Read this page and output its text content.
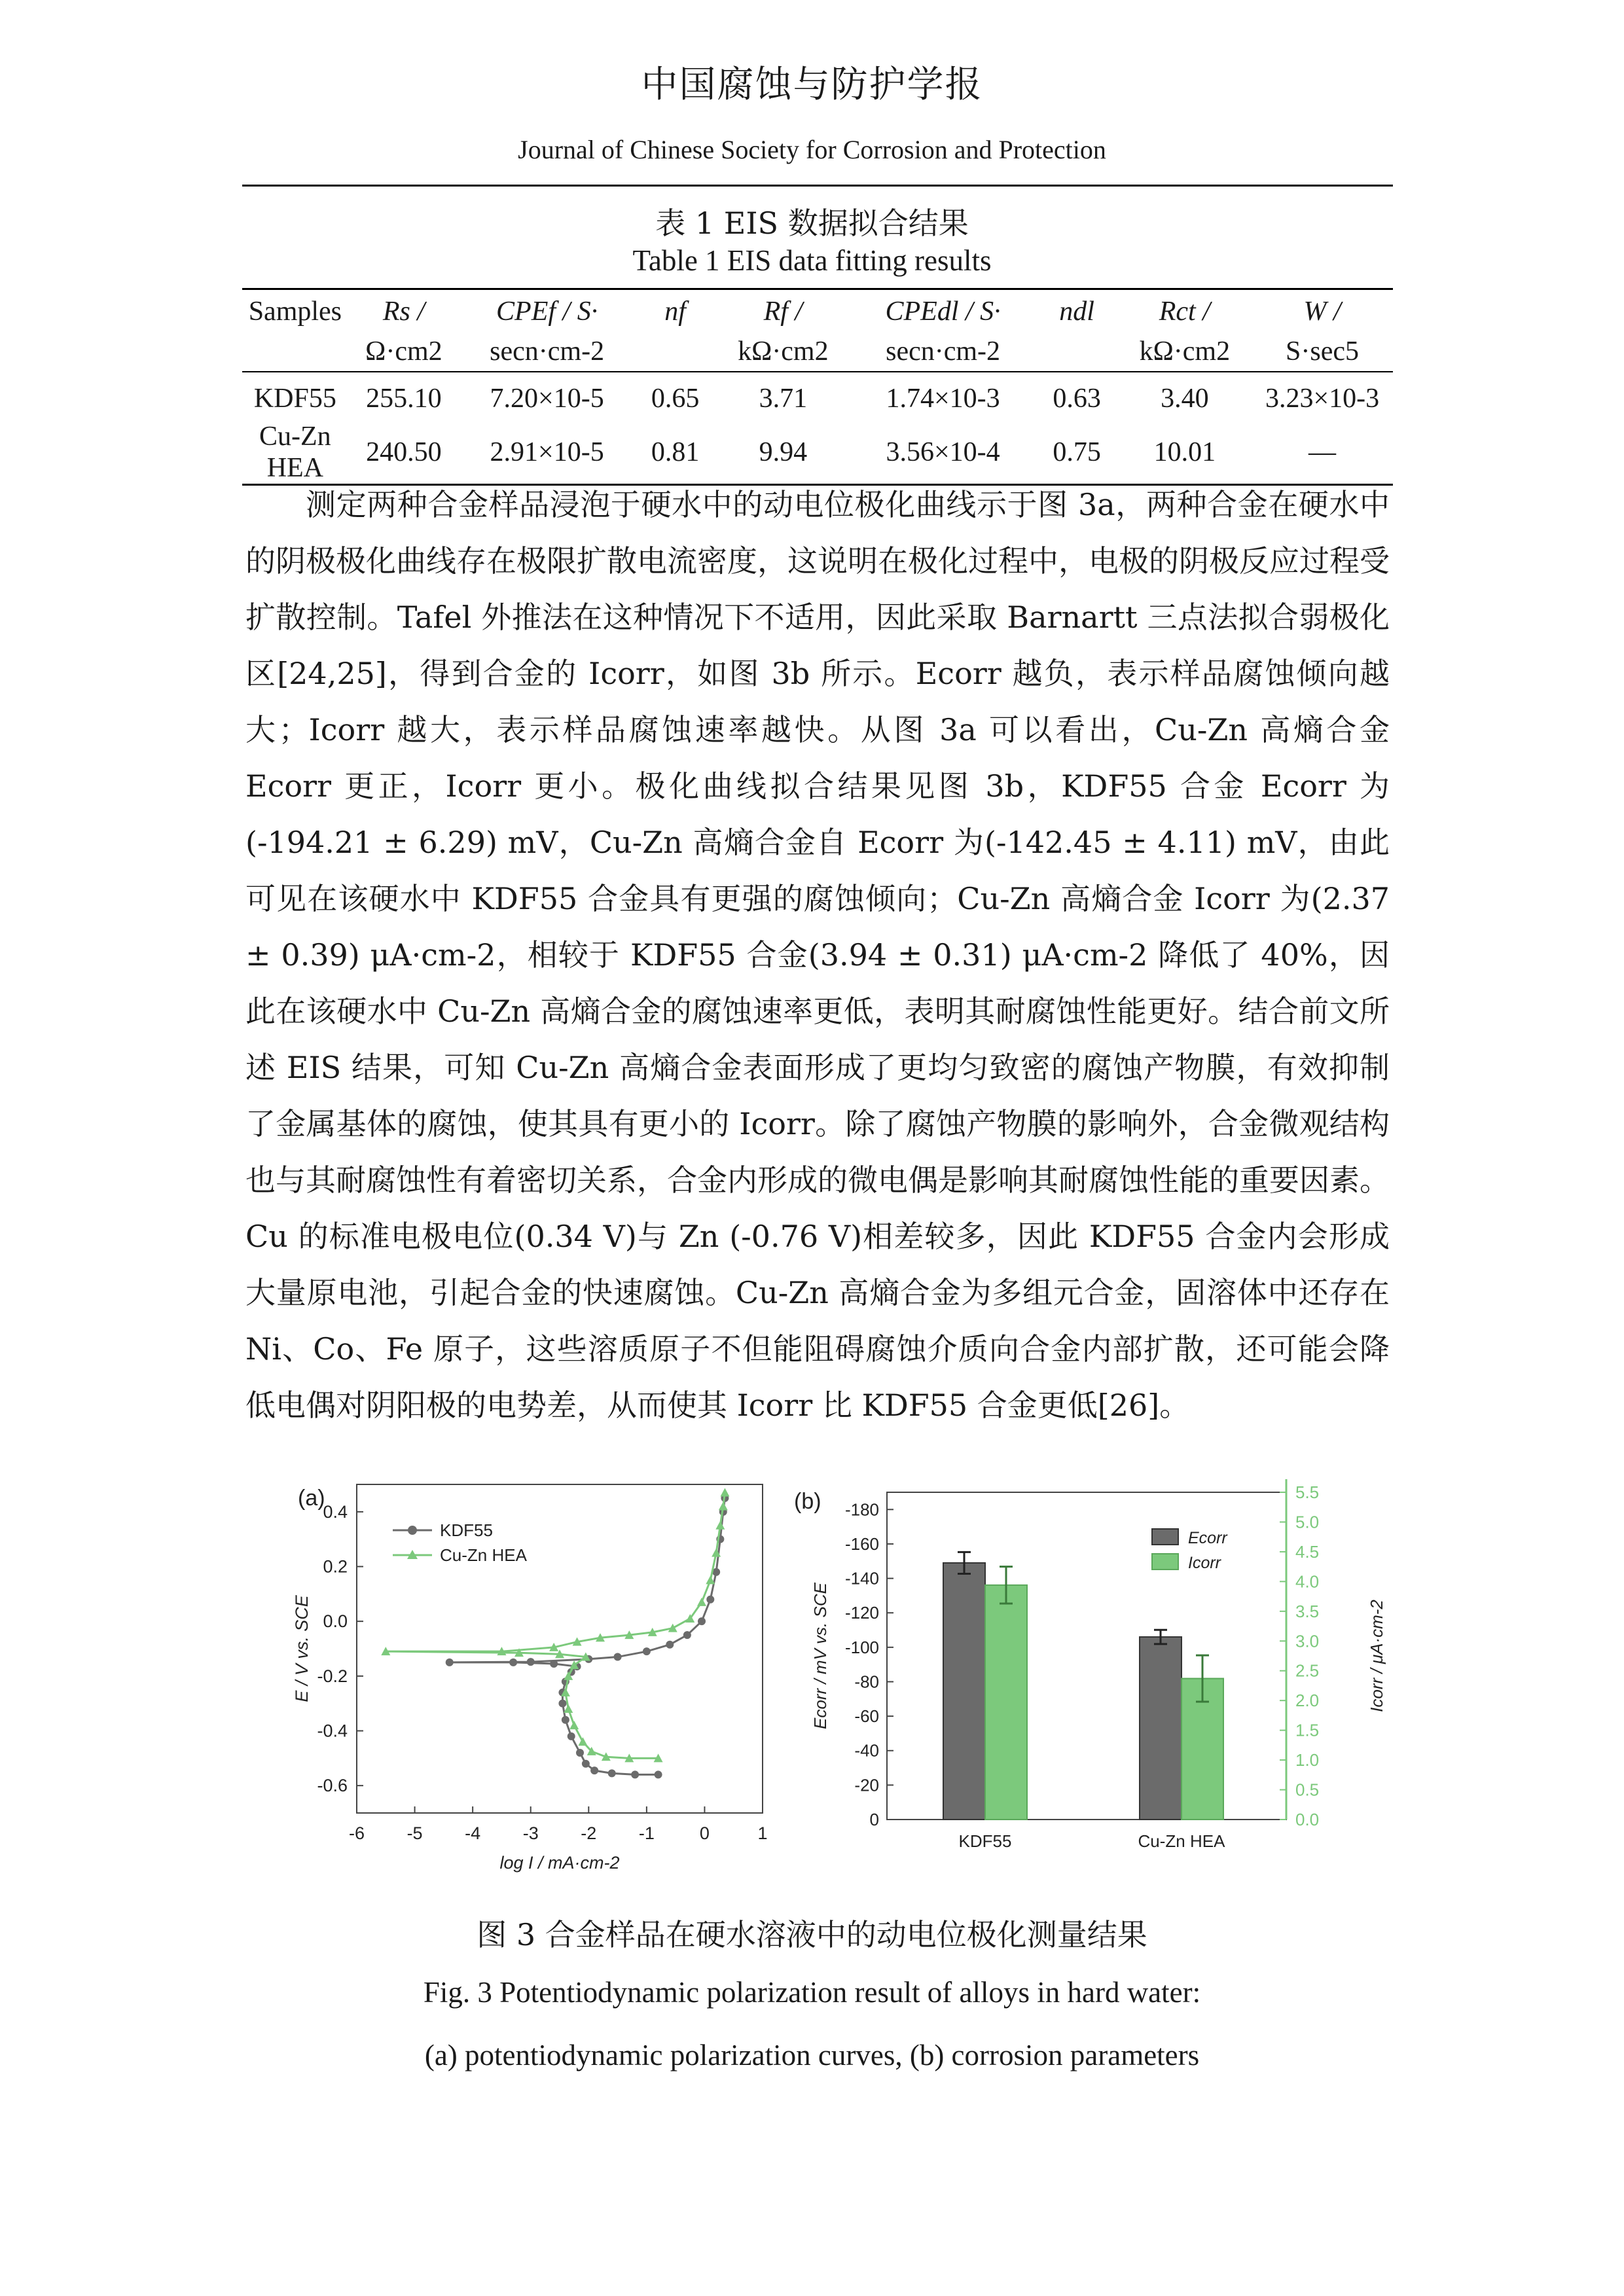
中国腐蚀与防护学报
Journal of Chinese Society for Corrosion and Protection
表 1 EIS 数据拟合结果
Table 1 EIS data fitting results
Samples	Rs /	CPEf / S·	nf	Rf /	CPEdl / S·	ndl	Rct /	W /
	Ω·cm2	secn·cm-2		kΩ·cm2	secn·cm-2		kΩ·cm2	S·sec5
KDF55	255.10	7.20×10-5	0.65	3.71	1.74×10-3	0.63	3.40	3.23×10-3
Cu-Zn HEA	240.50	2.91×10-5	0.81	9.94	3.56×10-4	0.75	10.01	—
测定两种合金样品浸泡于硬水中的动电位极化曲线示于图 3a，两种合金在硬水中的阴极极化曲线存在极限扩散电流密度，这说明在极化过程中，电极的阴极反应过程受扩散控制。Tafel 外推法在这种情况下不适用，因此采取 Barnartt 三点法拟合弱极化区[24,25]，得到合金的 Icorr，如图 3b 所示。Ecorr 越负，表示样品腐蚀倾向越大；Icorr 越大，表示样品腐蚀速率越快。从图 3a 可以看出，Cu-Zn 高熵合金 Ecorr 更正，Icorr 更小。极化曲线拟合结果见图 3b，KDF55 合金 Ecorr 为(-194.21 ± 6.29) mV，Cu-Zn 高熵合金自 Ecorr 为(-142.45 ± 4.11) mV，由此可见在该硬水中 KDF55 合金具有更强的腐蚀倾向；Cu-Zn 高熵合金 Icorr 为(2.37 ± 0.39) μA·cm-2，相较于 KDF55 合金(3.94 ± 0.31) μA·cm-2 降低了 40%，因此在该硬水中 Cu-Zn 高熵合金的腐蚀速率更低，表明其耐腐蚀性能更好。结合前文所述 EIS 结果，可知 Cu-Zn 高熵合金表面形成了更均匀致密的腐蚀产物膜，有效抑制了金属基体的腐蚀，使其具有更小的 Icorr。除了腐蚀产物膜的影响外，合金微观结构也与其耐腐蚀性有着密切关系，合金内形成的微电偶是影响其耐腐蚀性能的重要因素。Cu 的标准电极电位(0.34 V)与 Zn (-0.76 V)相差较多，因此 KDF55 合金内会形成大量原电池，引起合金的快速腐蚀。Cu-Zn 高熵合金为多组元合金，固溶体中还存在 Ni、Co、Fe 原子，这些溶质原子不但能阻碍腐蚀介质向合金内部扩散，还可能会降低电偶对阴阳极的电势差，从而使其 Icorr 比 KDF55 合金更低[26]。
-6 -5 -4 -3 -2 -1	0	1
-0.6
-0.4
-0.2
0.0
0.2
0.4
(a)
log I / mA·cm-2
E / V vs. SCE
KDF55
Cu-Zn HEA
-180
-160
-140
-120
-100
-80
-60
-40
-20
0
5.5
5.0
4.5
4.0
3.5
3.0
2.5
2.0
1.5
1.0
0.5
0.0
(b)
Ecorr / mV vs. SCE	Icorr / μA·cm-2
KDF55	Cu-Zn HEA
Ecorr
Icorr
图 3 合金样品在硬水溶液中的动电位极化测量结果
Fig. 3 Potentiodynamic polarization result of alloys in hard water:
(a) potentiodynamic polarization curves, (b) corrosion parameters
